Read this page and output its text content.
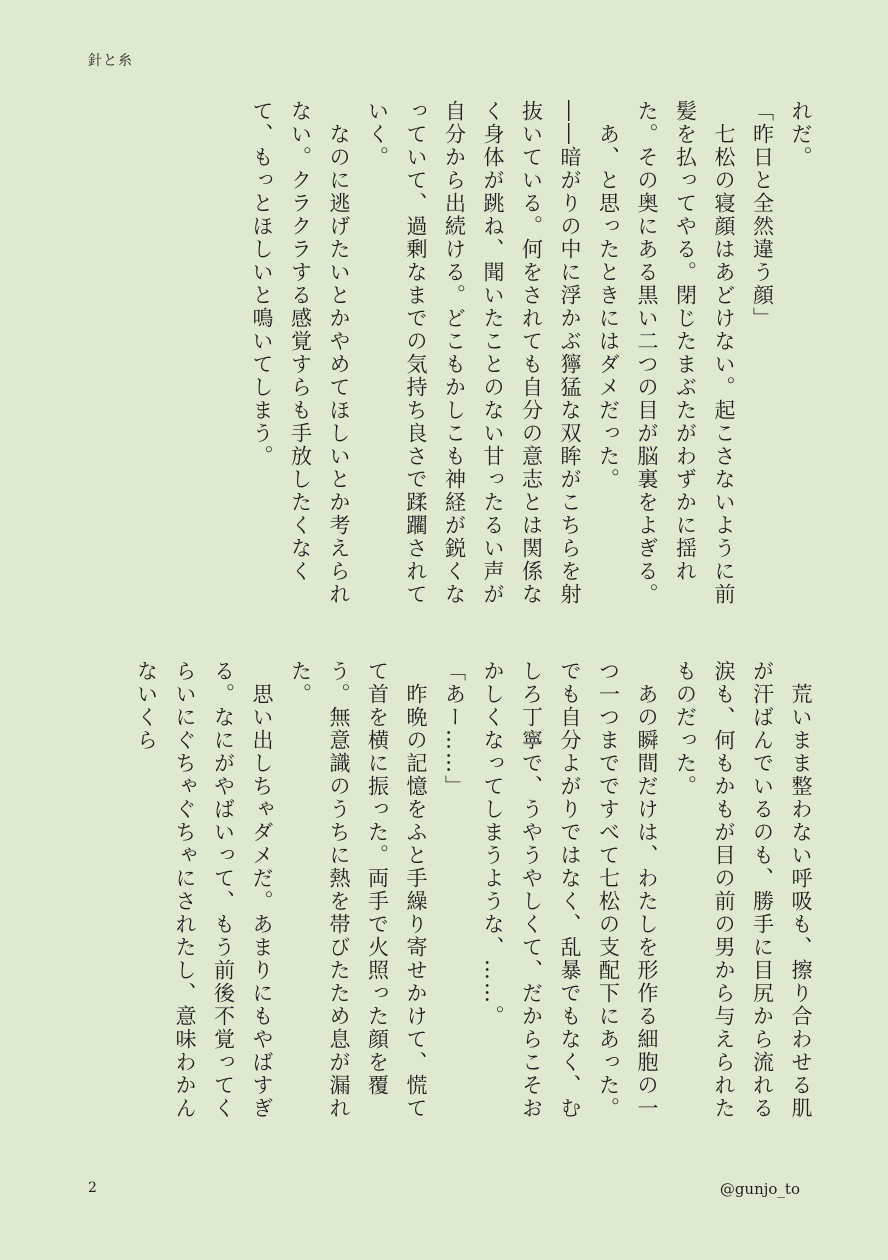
針と糸

れだ。

「昨日と全然違う顔」

　七松の寝顔はあどけない。起こさないように前髪を払ってやる。閉じたまぶたがわずかに揺れた。その奥にある黒い二つの目が脳裏をよぎる。

　あ、と思ったときにはダメだった。

――暗がりの中に浮かぶ獰猛な双眸がこちらを射抜いている。何をされても自分の意志とは関係なく身体が跳ね、聞いたことのない甘ったるい声が自分から出続ける。どこもかしこも神経が鋭くなっていて、過剰なまでの気持ち良さで蹂躙されていく。

　なのに逃げたいとかやめてほしいとか考えられない。クラクラする感覚すらも手放したくなくて、もっとほしいと鳴いてしまう。

　荒いまま整わない呼吸も、擦り合わせる肌が汗ばんでいるのも、勝手に目尻から流れる涙も、何もかもが目の前の男から与えられたものだった。

　あの瞬間だけは、わたしを形作る細胞の一つ一つまでですべて七松の支配下にあった。でも自分よがりではなく、乱暴でもなく、むしろ丁寧で、うやうやしくて、だからこそおかしくなってしまうような、……。

「あー……」

　昨晩の記憶をふと手繰り寄せかけて、慌てて首を横に振った。両手で火照った顔を覆う。無意識のうちに熱を帯びたため息が漏れた。

　思い出しちゃダメだ。あまりにもやばすぎる。なにがやばいって、もう前後不覚ってくらいにぐちゃぐちゃにされたし、意味わかんないくら

2	@gunjo_to
